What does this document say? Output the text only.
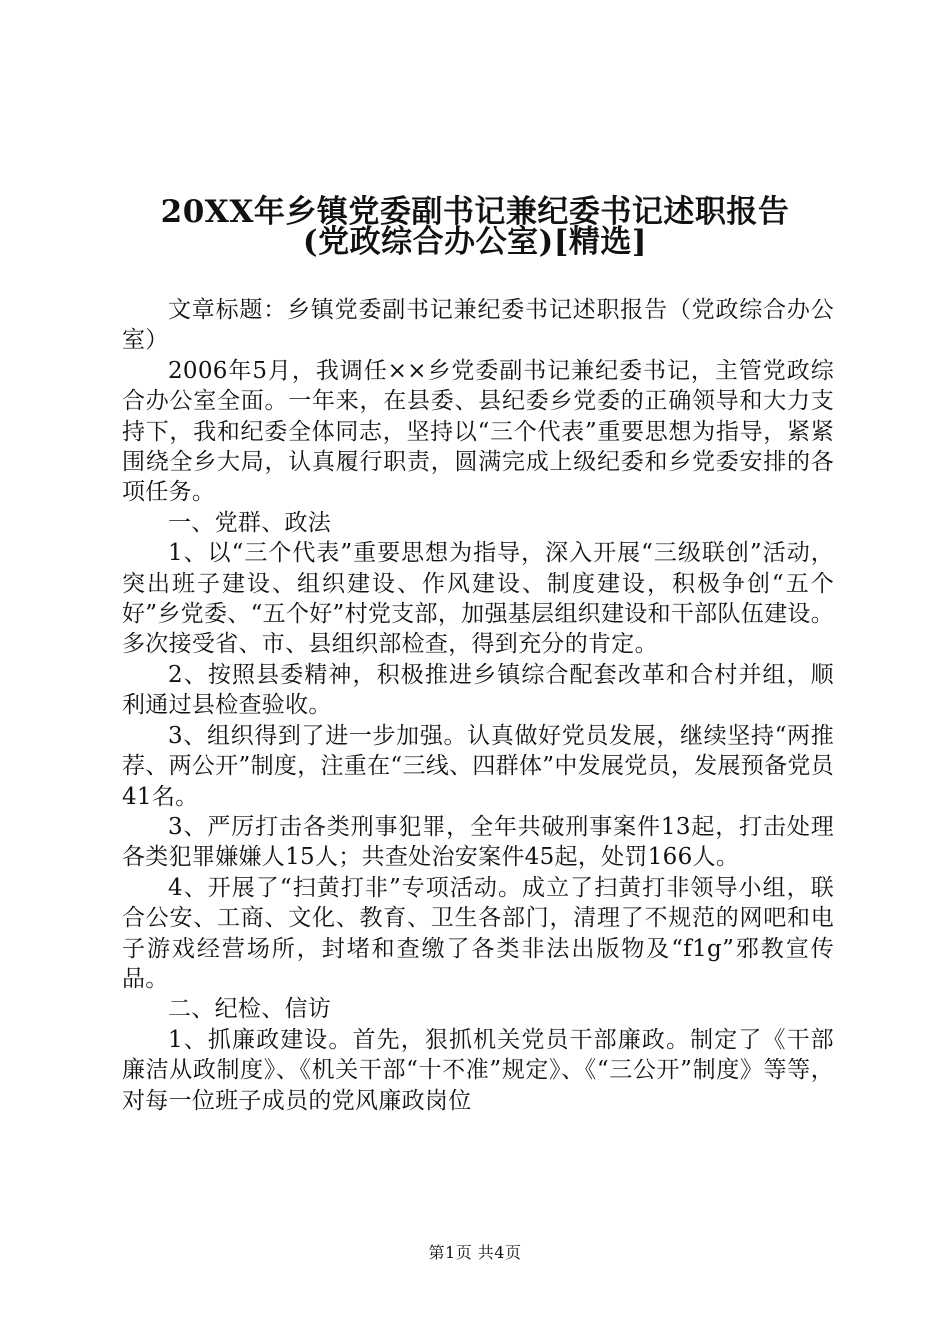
20XX年乡镇党委副书记兼纪委书记述职报告
(党政综合办公室)[精选]

文章标题：乡镇党委副书记兼纪委书记述职报告（党政综合办公室）

2006年5月，我调任××乡党委副书记兼纪委书记，主管党政综合办公室全面。一年来，在县委、县纪委乡党委的正确领导和大力支持下，我和纪委全体同志，坚持以“三个代表”重要思想为指导，紧紧围绕全乡大局，认真履行职责，圆满完成上级纪委和乡党委安排的各项任务。

一、党群、政法

1、以“三个代表”重要思想为指导，深入开展“三级联创”活动，突出班子建设、组织建设、作风建设、制度建设，积极争创“五个好”乡党委、“五个好”村党支部，加强基层组织建设和干部队伍建设。多次接受省、市、县组织部检查，得到充分的肯定。

2、按照县委精神，积极推进乡镇综合配套改革和合村并组，顺利通过县检查验收。

3、组织得到了进一步加强。认真做好党员发展，继续坚持“两推荐、两公开”制度，注重在“三线、四群体”中发展党员，发展预备党员41名。

3、严厉打击各类刑事犯罪，全年共破刑事案件13起，打击处理各类犯罪嫌嫌人15人；共查处治安案件45起，处罚166人。

4、开展了“扫黄打非”专项活动。成立了扫黄打非领导小组，联合公安、工商、文化、教育、卫生各部门，清理了不规范的网吧和电子游戏经营场所，封堵和查缴了各类非法出版物及“f1g”邪教宣传品。

二、纪检、信访

1、抓廉政建设。首先，狠抓机关党员干部廉政。制定了《干部廉洁从政制度》、《机关干部“十不准”规定》、《“三公开”制度》等等，对每一位班子成员的党风廉政岗位

第1页 共4页
